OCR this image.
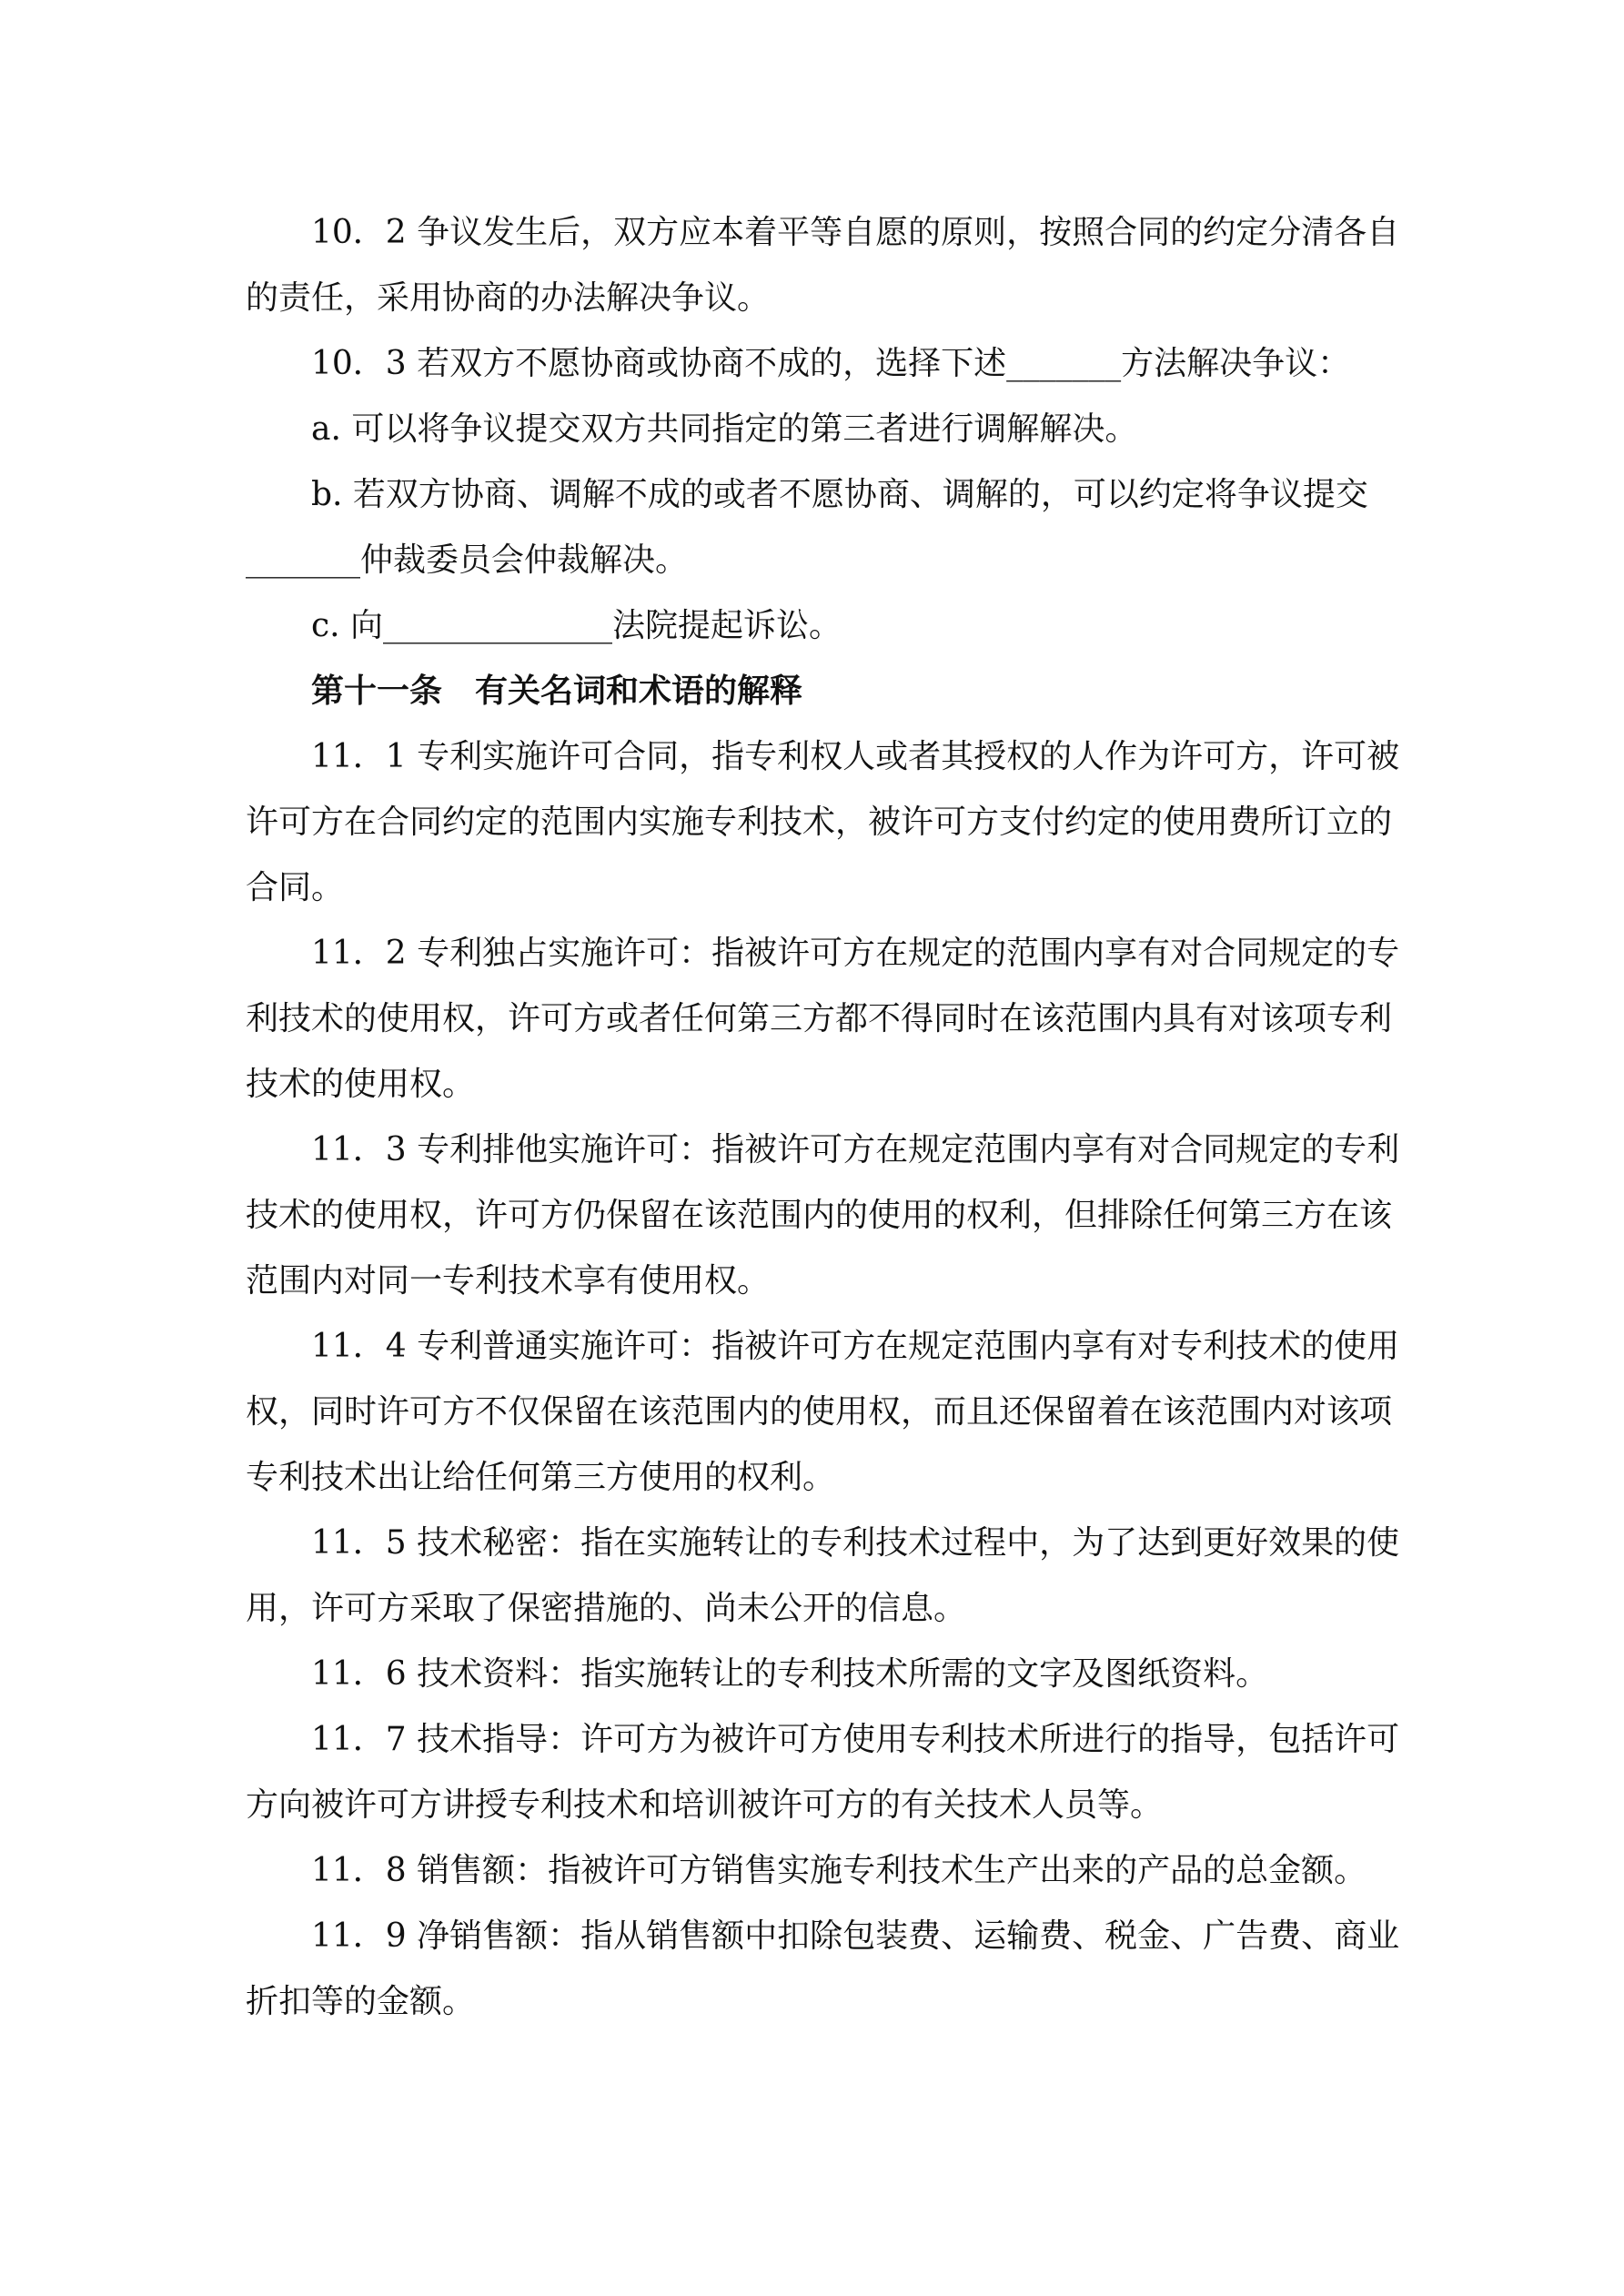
10．2 争议发生后，双方应本着平等自愿的原则，按照合同的约定分清各自
的责任，采用协商的办法解决争议。
10．3 若双方不愿协商或协商不成的，选择下述_______方法解决争议：
a. 可以将争议提交双方共同指定的第三者进行调解解决。
b. 若双方协商、调解不成的或者不愿协商、调解的，可以约定将争议提交
_______仲裁委员会仲裁解决。
c. 向______________法院提起诉讼。
第十一条　有关名词和术语的解释
11．1 专利实施许可合同，指专利权人或者其授权的人作为许可方，许可被
许可方在合同约定的范围内实施专利技术，被许可方支付约定的使用费所订立的
合同。
11．2 专利独占实施许可：指被许可方在规定的范围内享有对合同规定的专
利技术的使用权，许可方或者任何第三方都不得同时在该范围内具有对该项专利
技术的使用权。
11．3 专利排他实施许可：指被许可方在规定范围内享有对合同规定的专利
技术的使用权，许可方仍保留在该范围内的使用的权利，但排除任何第三方在该
范围内对同一专利技术享有使用权。
11．4 专利普通实施许可：指被许可方在规定范围内享有对专利技术的使用
权，同时许可方不仅保留在该范围内的使用权，而且还保留着在该范围内对该项
专利技术出让给任何第三方使用的权利。
11．5 技术秘密：指在实施转让的专利技术过程中，为了达到更好效果的使
用，许可方采取了保密措施的、尚未公开的信息。
11．6 技术资料：指实施转让的专利技术所需的文字及图纸资料。
11．7 技术指导：许可方为被许可方使用专利技术所进行的指导，包括许可
方向被许可方讲授专利技术和培训被许可方的有关技术人员等。
11．8 销售额：指被许可方销售实施专利技术生产出来的产品的总金额。
11．9 净销售额：指从销售额中扣除包装费、运输费、税金、广告费、商业
折扣等的金额。
